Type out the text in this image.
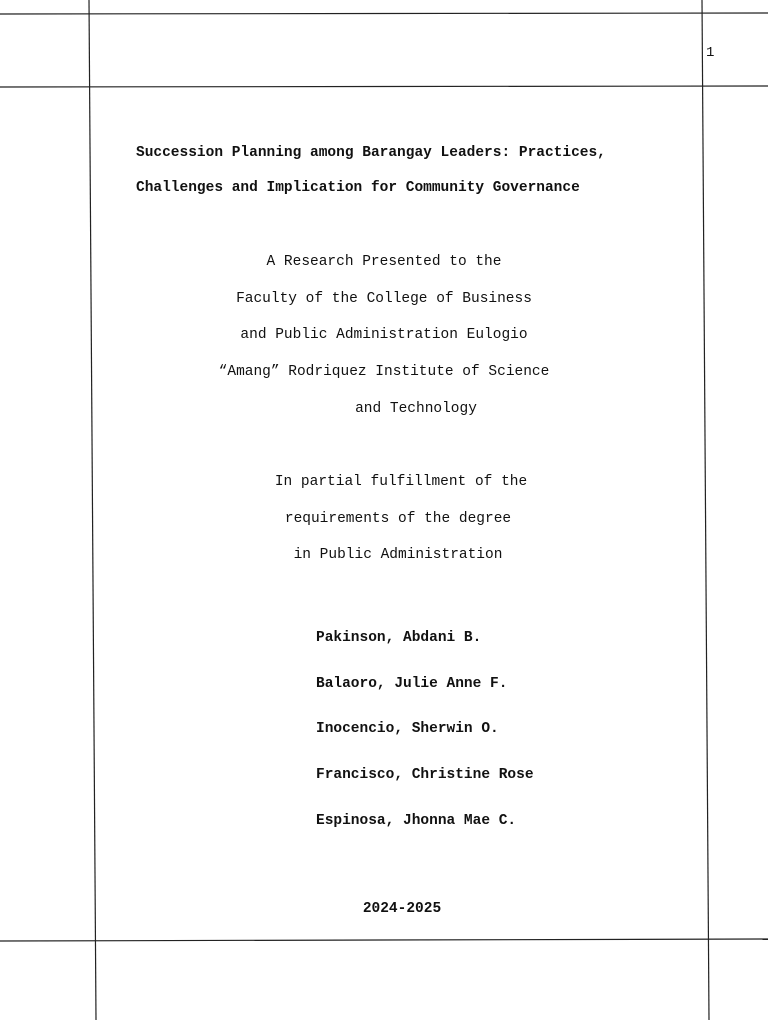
1
Succession Planning among Barangay Leaders: Practices,
Challenges and Implication for Community Governance
A Research Presented to the
Faculty of the College of Business
and Public Administration Eulogio
“Amang” Rodriquez Institute of Science
and Technology
In partial fulfillment of the
requirements of the degree
in Public Administration
Pakinson, Abdani B.
Balaoro, Julie Anne F.
Inocencio, Sherwin O.
Francisco, Christine Rose
Espinosa, Jhonna Mae C.
2024-2025
